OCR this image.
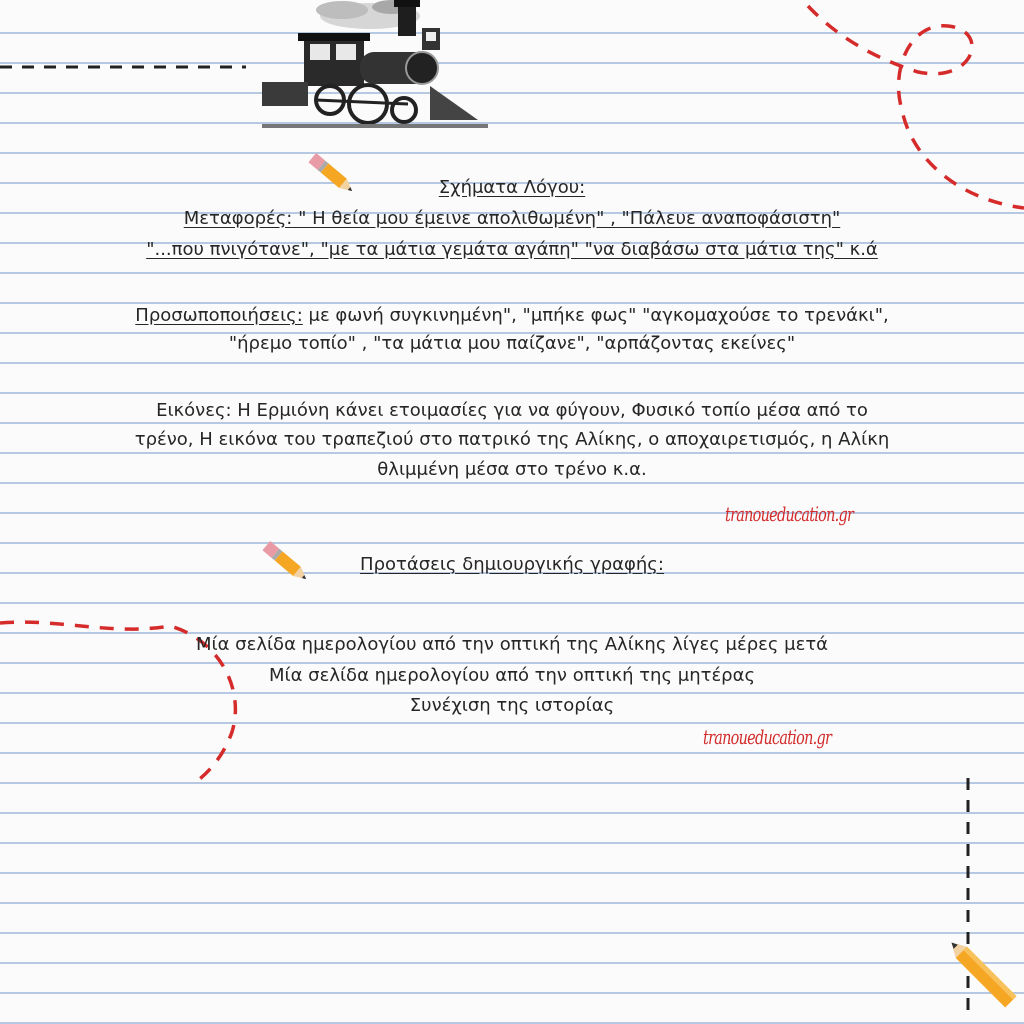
Σχήματα Λόγου:
Μεταφορές: " Η θεία μου έμεινε απολιθωμένη" , "Πάλευε αναποφάσιστη"
"...που πνιγότανε", "με τα μάτια γεμάτα αγάπη" "να διαβάσω στα μάτια της" κ.ά
Προσωποποιήσεις: με φωνή συγκινημένη", "μπήκε φως" "αγκομαχούσε το τρενάκι",
"ήρεμο τοπίο" , "τα μάτια μου παίζανε", "αρπάζοντας εκείνες"
Εικόνες: Η Ερμιόνη κάνει ετοιμασίες για να φύγουν, Φυσικό τοπίο μέσα από το
τρένο, Η εικόνα του τραπεζιού στο πατρικό της Αλίκης, ο αποχαιρετισμός, η Αλίκη
θλιμμένη μέσα στο τρένο κ.α.
tranoueducation.gr
Προτάσεις δημιουργικής γραφής:
Μία σελίδα ημερολογίου από την οπτική της Αλίκης λίγες μέρες μετά
Μία σελίδα ημερολογίου από την οπτική της μητέρας
Συνέχιση της ιστορίας
tranoueducation.gr
